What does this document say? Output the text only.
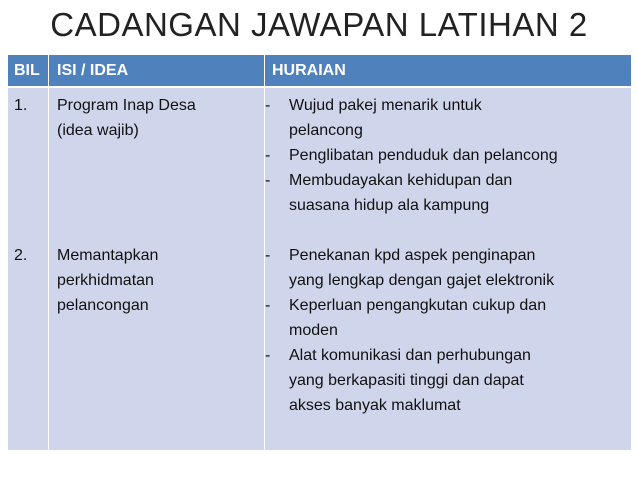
CADANGAN JAWAPAN LATIHAN 2
BIL ISI / IDEA	HURAIAN
1. Program Inap Desa
(idea wajib)
- Wujud pakej menarik untuk
pelancong
- Penglibatan penduduk dan pelancong
- Membudayakan kehidupan dan
suasana hidup ala kampung
2. Memantapkan
perkhidmatan
pelancongan
- Penekanan kpd aspek penginapan
yang lengkap dengan gajet elektronik
- Keperluan pengangkutan cukup dan
moden
- Alat komunikasi dan perhubungan
yang berkapasiti tinggi dan dapat
akses banyak maklumat
